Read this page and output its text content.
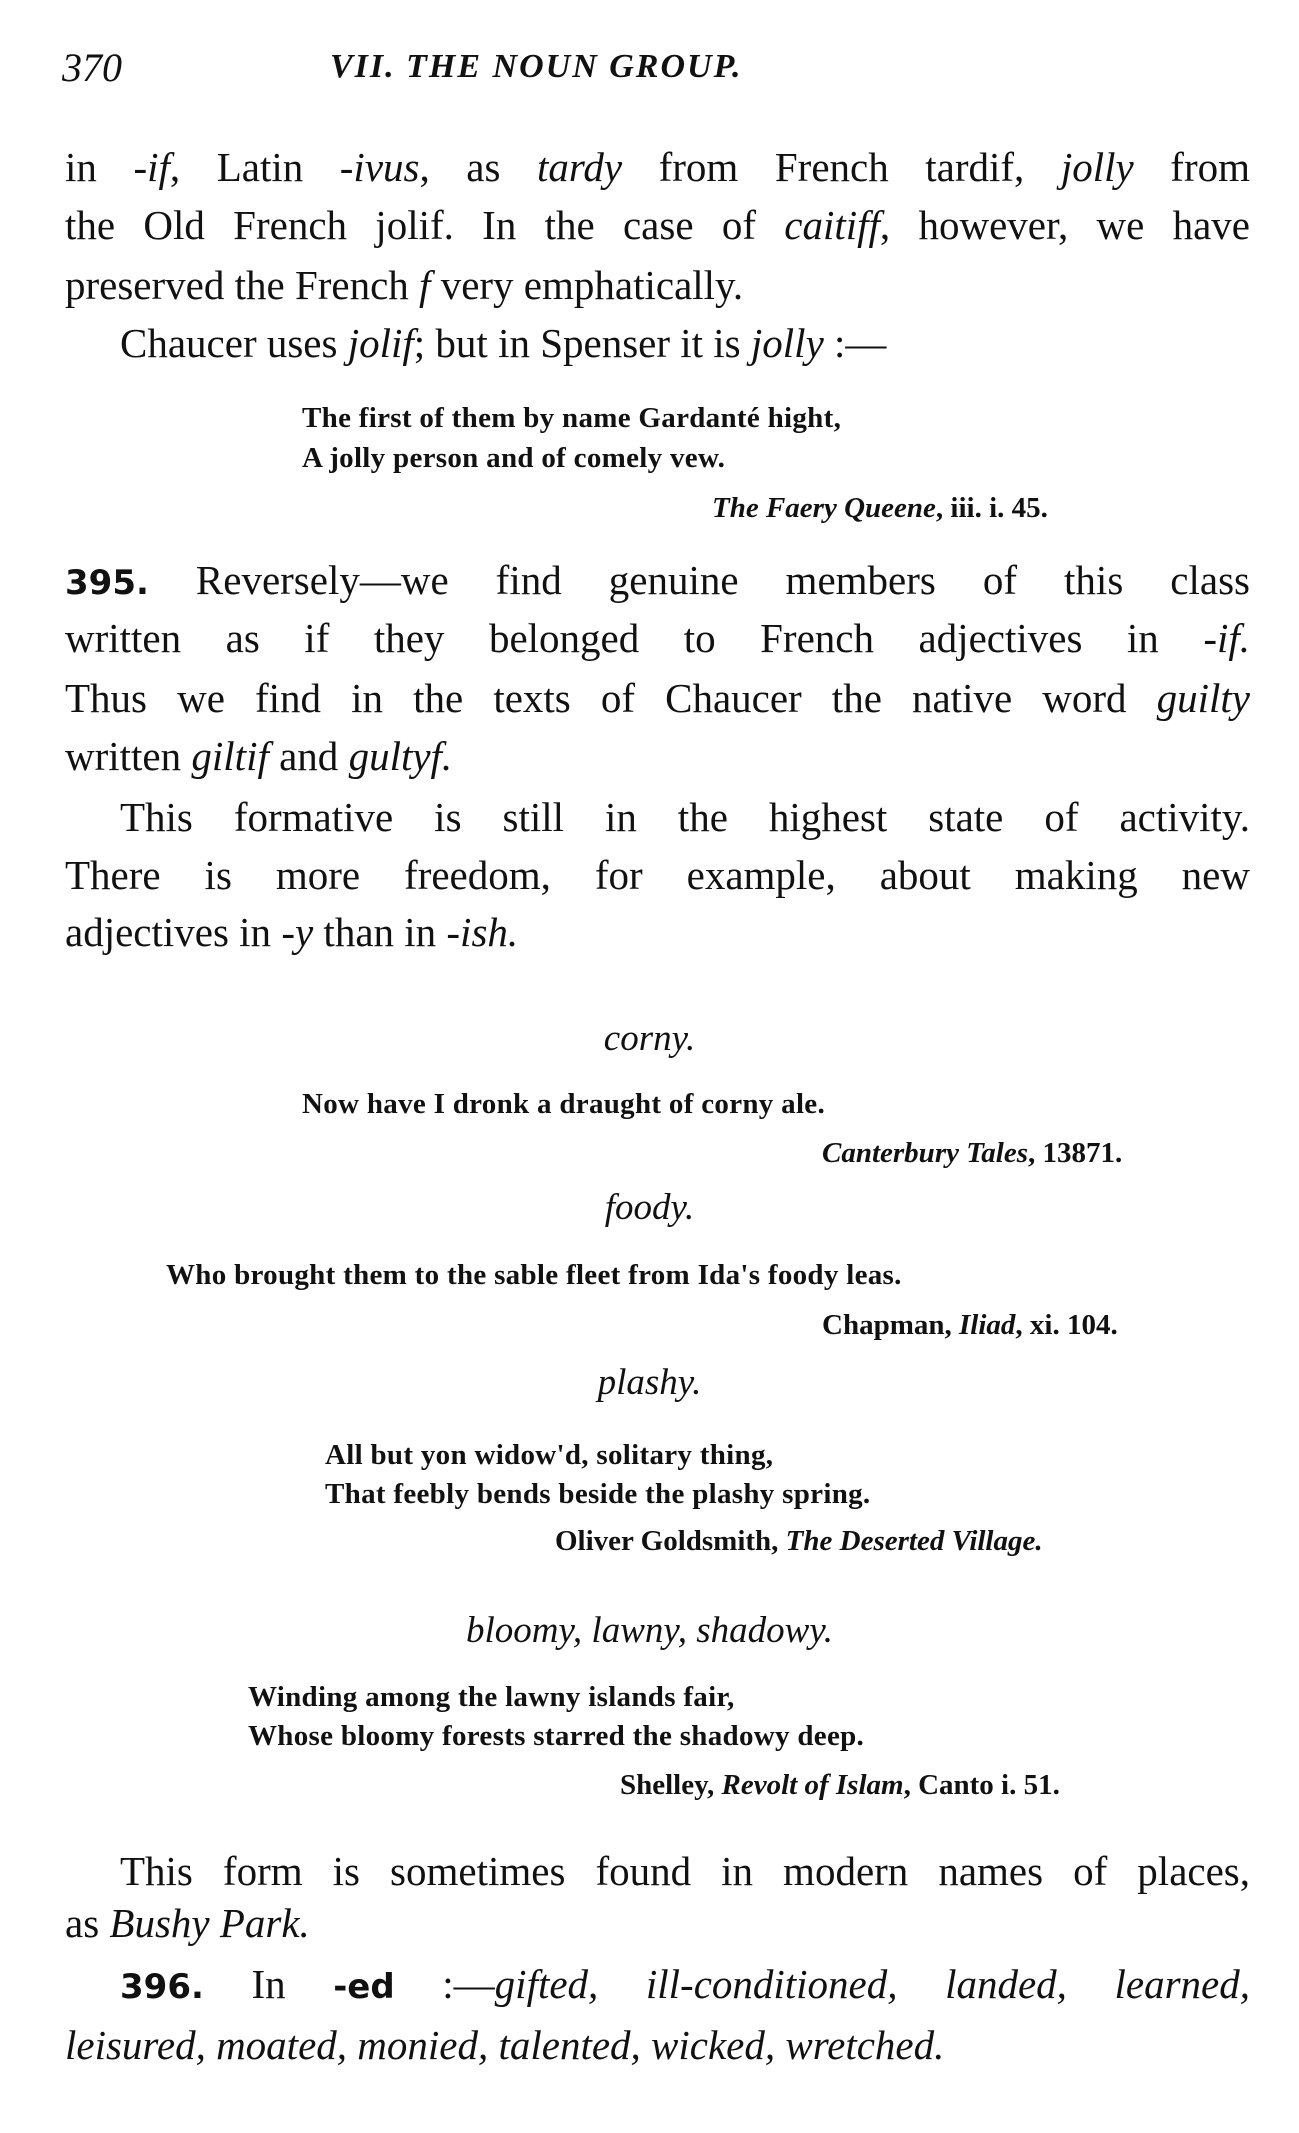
370	VII. THE NOUN GROUP.
in -if, Latin -ivus, as tardy from French tardif, jolly from
the Old French jolif. In the case of caitiff, however, we have
preserved the French f very emphatically.
Chaucer uses jolif; but in Spenser it is jolly :—
The first of them by name Gardanté hight,
A jolly person and of comely vew.
The Faery Queene, iii. i. 45.
395. Reversely—we find genuine members of this class
written as if they belonged to French adjectives in -if.
Thus we find in the texts of Chaucer the native word guilty
written giltif and gultyf.
This formative is still in the highest state of activity.
There is more freedom, for example, about making new
adjectives in -y than in -ish.
corny.
Now have I dronk a draught of corny ale.
Canterbury Tales, 13871.
foody.
Who brought them to the sable fleet from Ida's foody leas.
Chapman, Iliad, xi. 104.
plashy.
All but yon widow'd, solitary thing,
That feebly bends beside the plashy spring.
Oliver Goldsmith, The Deserted Village.
bloomy, lawny, shadowy.
Winding among the lawny islands fair,
Whose bloomy forests starred the shadowy deep.
Shelley, Revolt of Islam, Canto i. 51.
This form is sometimes found in modern names of places,
as Bushy Park.
396. In -ed :—gifted, ill-conditioned, landed, learned,
leisured, moated, monied, talented, wicked, wretched.
